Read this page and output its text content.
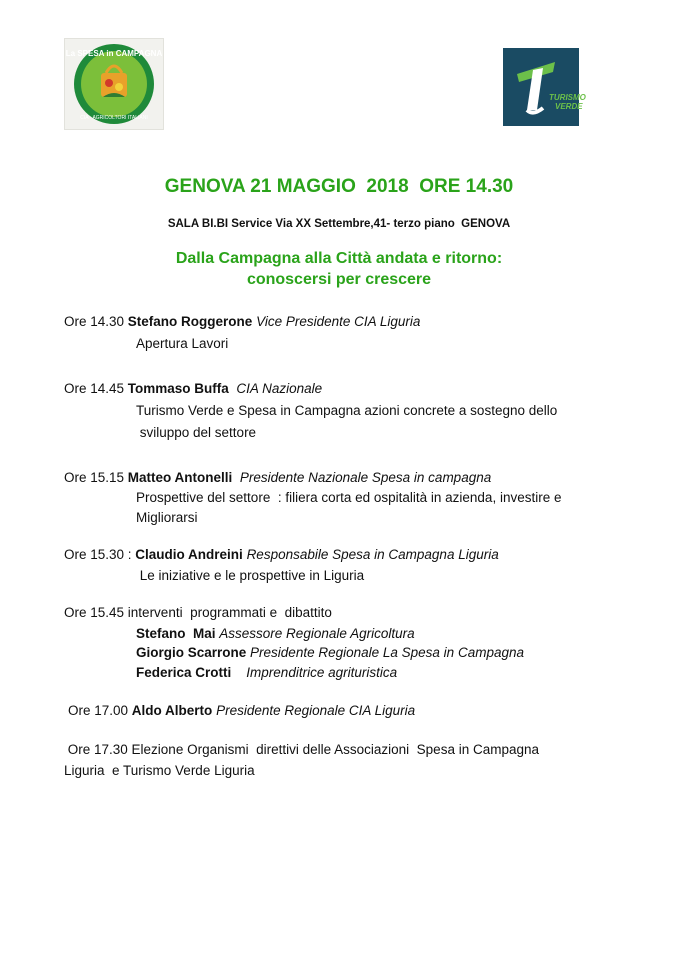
La SPESA in CAMPAGNA
CIA · AGRICOLTORI ITALIANI
TURISMO
VERDE
GENOVA 21 MAGGIO  2018  ORE 14.30
SALA BI.BI Service Via XX Settembre,41- terzo piano  GENOVA
Dalla Campagna alla Città andata e ritorno:
conoscersi per crescere
Ore 14.30 Stefano Roggerone Vice Presidente CIA Liguria
Apertura Lavori
Ore 14.45 Tommaso Buffa CIA Nazionale
Turismo Verde e Spesa in Campagna azioni concrete a sostegno dello
sviluppo del settore
Ore 15.15 Matteo Antonelli Presidente Nazionale Spesa in campagna
Prospettive del settore  : filiera corta ed ospitalità in azienda, investire e
Migliorarsi
Ore 15.30 : Claudio Andreini Responsabile Spesa in Campagna Liguria
Le iniziative e le prospettive in Liguria
Ore 15.45 interventi  programmati e  dibattito
Stefano  Mai Assessore Regionale Agricoltura
Giorgio Scarrone Presidente Regionale La Spesa in Campagna
Federica Crotti Imprenditrice agrituristica
Ore 17.00 Aldo Alberto Presidente Regionale CIA Liguria
Ore 17.30 Elezione Organismi  direttivi delle Associazioni  Spesa in Campagna
Liguria  e Turismo Verde Liguria
